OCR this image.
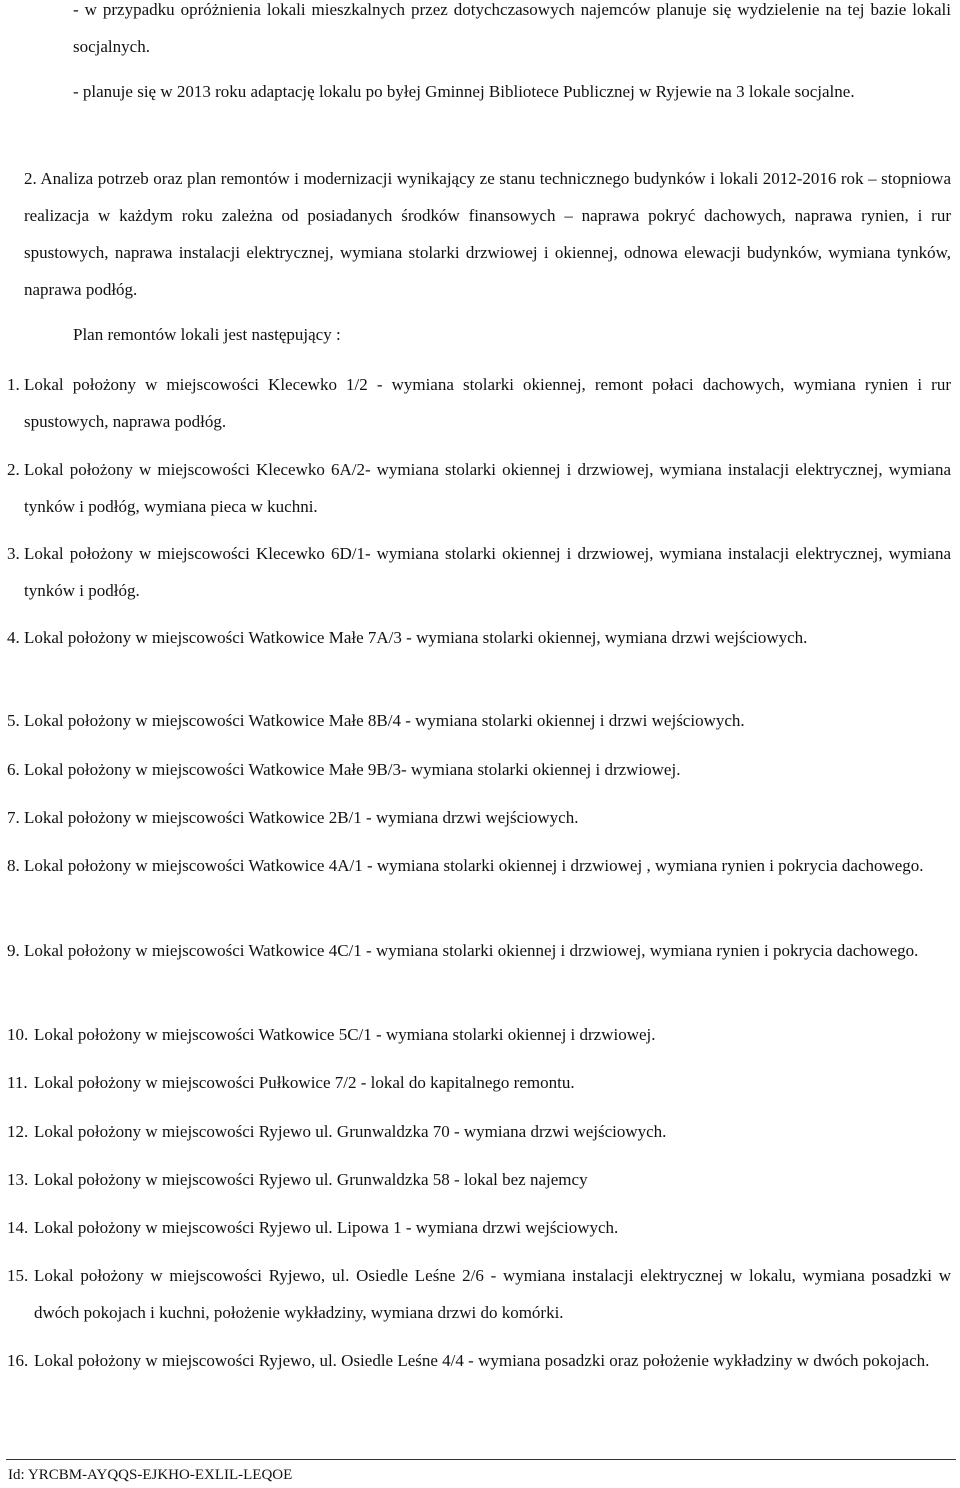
- w przypadku opróżnienia lokali mieszkalnych przez dotychczasowych najemców planuje się wydzielenie na tej bazie lokali socjalnych.

- planuje się w 2013 roku adaptację lokalu po byłej Gminnej Bibliotece Publicznej w Ryjewie na 3 lokale socjalne.

2. Analiza potrzeb oraz plan remontów i modernizacji wynikający ze stanu technicznego budynków i lokali 2012-2016 rok – stopniowa realizacja w każdym roku zależna od posiadanych środków finansowych – naprawa pokryć dachowych, naprawa rynien, i rur spustowych, naprawa instalacji elektrycznej, wymiana stolarki drzwiowej i okiennej, odnowa elewacji budynków, wymiana tynków, naprawa podłóg.

Plan remontów lokali jest następujący :

1. Lokal położony w miejscowości Klecewko 1/2 - wymiana stolarki okiennej, remont połaci dachowych, wymiana rynien i rur spustowych, naprawa podłóg.
2. Lokal położony w miejscowości Klecewko 6A/2- wymiana stolarki okiennej i drzwiowej, wymiana instalacji elektrycznej, wymiana tynków i podłóg, wymiana pieca w kuchni.
3. Lokal położony w miejscowości Klecewko 6D/1- wymiana stolarki okiennej i drzwiowej, wymiana instalacji elektrycznej, wymiana tynków i podłóg.
4. Lokal położony w miejscowości Watkowice Małe 7A/3 - wymiana stolarki okiennej, wymiana drzwi wejściowych.
5. Lokal położony w miejscowości Watkowice Małe 8B/4 - wymiana stolarki okiennej i drzwi wejściowych.
6. Lokal położony w miejscowości Watkowice Małe 9B/3- wymiana stolarki okiennej i drzwiowej.
7. Lokal położony w miejscowości Watkowice 2B/1 - wymiana drzwi wejściowych.
8. Lokal położony w miejscowości Watkowice 4A/1 - wymiana stolarki okiennej i drzwiowej , wymiana rynien i pokrycia dachowego.
9. Lokal położony w miejscowości Watkowice 4C/1 - wymiana stolarki okiennej i drzwiowej, wymiana rynien i pokrycia dachowego.
10. Lokal położony w miejscowości Watkowice 5C/1 - wymiana stolarki okiennej i drzwiowej.
11. Lokal położony w miejscowości Pułkowice 7/2 - lokal do kapitalnego remontu.
12. Lokal położony w miejscowości Ryjewo ul. Grunwaldzka 70 - wymiana drzwi wejściowych.
13. Lokal położony w miejscowości Ryjewo ul. Grunwaldzka 58 - lokal bez najemcy
14. Lokal położony w miejscowości Ryjewo ul. Lipowa 1 - wymiana drzwi wejściowych.
15. Lokal położony w miejscowości Ryjewo, ul. Osiedle Leśne 2/6 - wymiana instalacji elektrycznej w lokalu, wymiana posadzki w dwóch pokojach i kuchni, położenie wykładziny, wymiana drzwi do komórki.
16. Lokal położony w miejscowości Ryjewo, ul. Osiedle Leśne 4/4 - wymiana posadzki oraz położenie wykładziny w dwóch pokojach.
Id: YRCBM-AYQQS-EJKHO-EXLIL-LEQOE
